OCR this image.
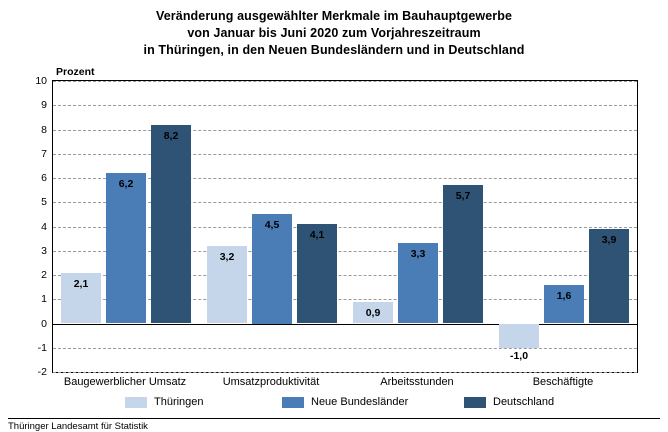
Veränderung ausgewählter Merkmale im Bauhauptgewerbe
von Januar bis Juni 2020 zum Vorjahreszeitraum
in Thüringen, in den Neuen Bundesländern und in Deutschland
Prozent
10
9
8
7
6
5
4
3
2
1
0
-1
-2
2,1
6,2
8,2
3,2
4,5
4,1
0,9
3,3
5,7
-1,0
1,6
3,9
Baugewerblicher Umsatz	Umsatzproduktivität	Arbeitsstunden	Beschäftigte
Thüringen	Neue Bundesländer	Deutschland
Thüringer Landesamt für Statistik
